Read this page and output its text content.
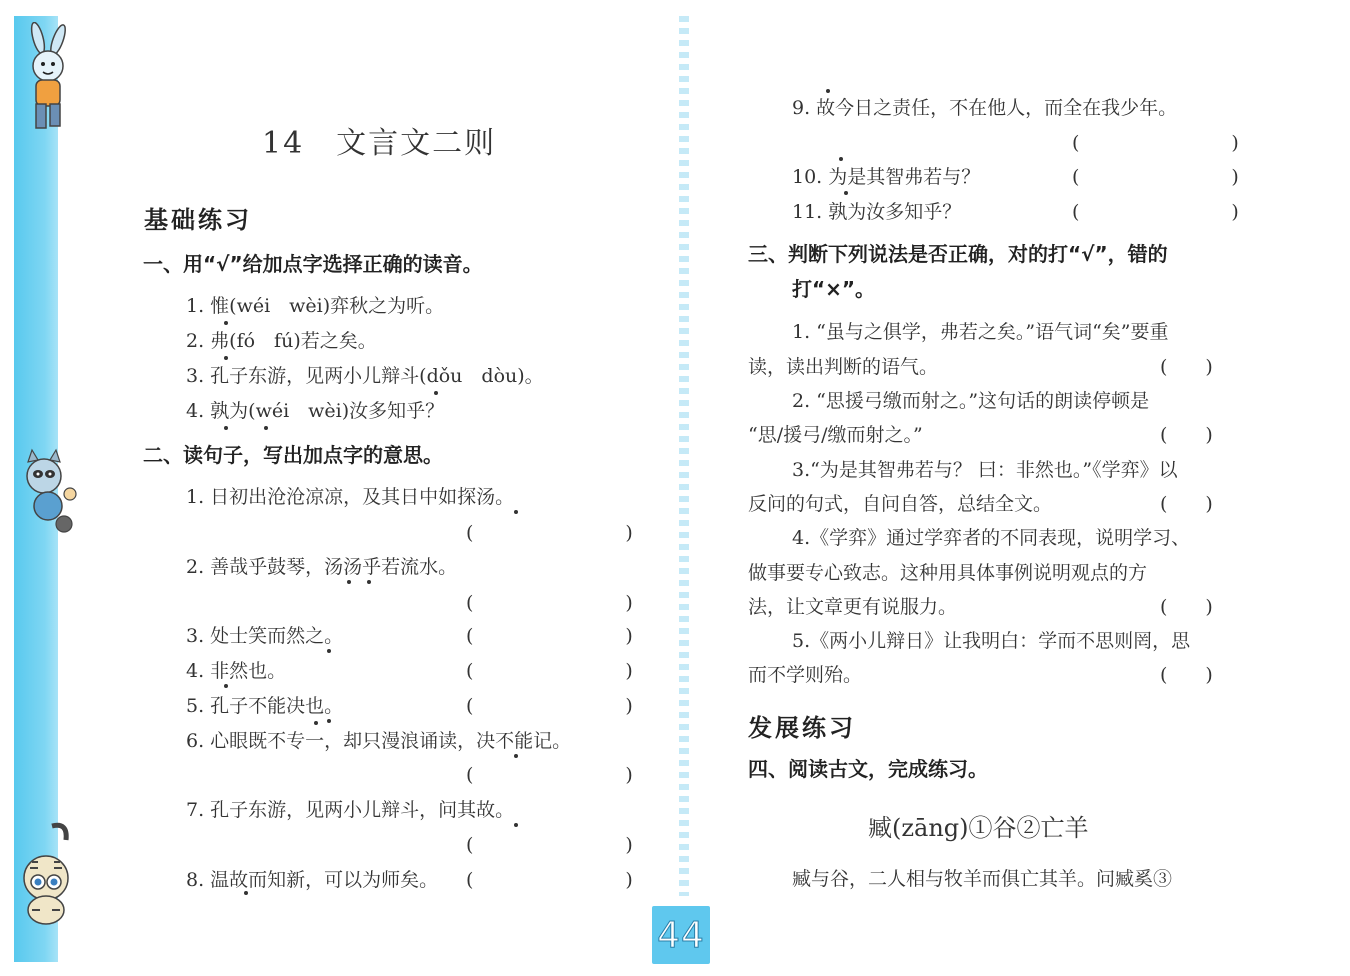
14　文言文二则
基础练习
一、用“√”给加点字选择正确的读音。
1. 惟(wéi　wèi)弈秋之为听。
2. 弗(fó　fú)若之矣。
3. 孔子东游，见两小儿辩斗(dǒu　dòu)。
4. 孰为(wéi　wèi)汝多知乎？
二、读句子，写出加点字的意思。
1. 日初出沧沧凉凉，及其日中如探汤。
(　　　　　　　　)
2. 善哉乎鼓琴，汤汤乎若流水。
(　　　　　　　　)
3. 处士笑而然之。	(　　　　　　　　)
4. 非然也。	(　　　　　　　　)
5. 孔子不能决也。	(　　　　　　　　)
6. 心眼既不专一，却只漫浪诵读，决不能记。
(　　　　　　　　)
7. 孔子东游，见两小儿辩斗，问其故。
(　　　　　　　　)
8. 温故而知新，可以为师矣。 (　　　　　　　　)
9. 故今日之责任，不在他人，而全在我少年。
(　　　　　　　　)
10. 为是其智弗若与？	(　　　　　　　　)
11. 孰为汝多知乎？	(　　　　　　　　)
三、判断下列说法是否正确，对的打“√”，错的
打“×”。
1. “虽与之俱学，弗若之矣。”语气词“矣”要重
读，读出判断的语气。	(　　)
2. “思援弓缴而射之。”这句话的朗读停顿是
“思/援弓/缴而射之。”	(　　)
3.“为是其智弗若与？ 曰：非然也。”《学弈》以
反问的句式，自问自答，总结全文。	(　　)
4.《学弈》通过学弈者的不同表现，说明学习、
做事要专心致志。这种用具体事例说明观点的方
法，让文章更有说服力。	(　　)
5.《两小儿辩日》让我明白：学而不思则罔，思
而不学则殆。	(　　)
发展练习
四、阅读古文，完成练习。
臧(zāng)①谷②亡羊
臧与谷，二人相与牧羊而俱亡其羊。问臧奚③
44
